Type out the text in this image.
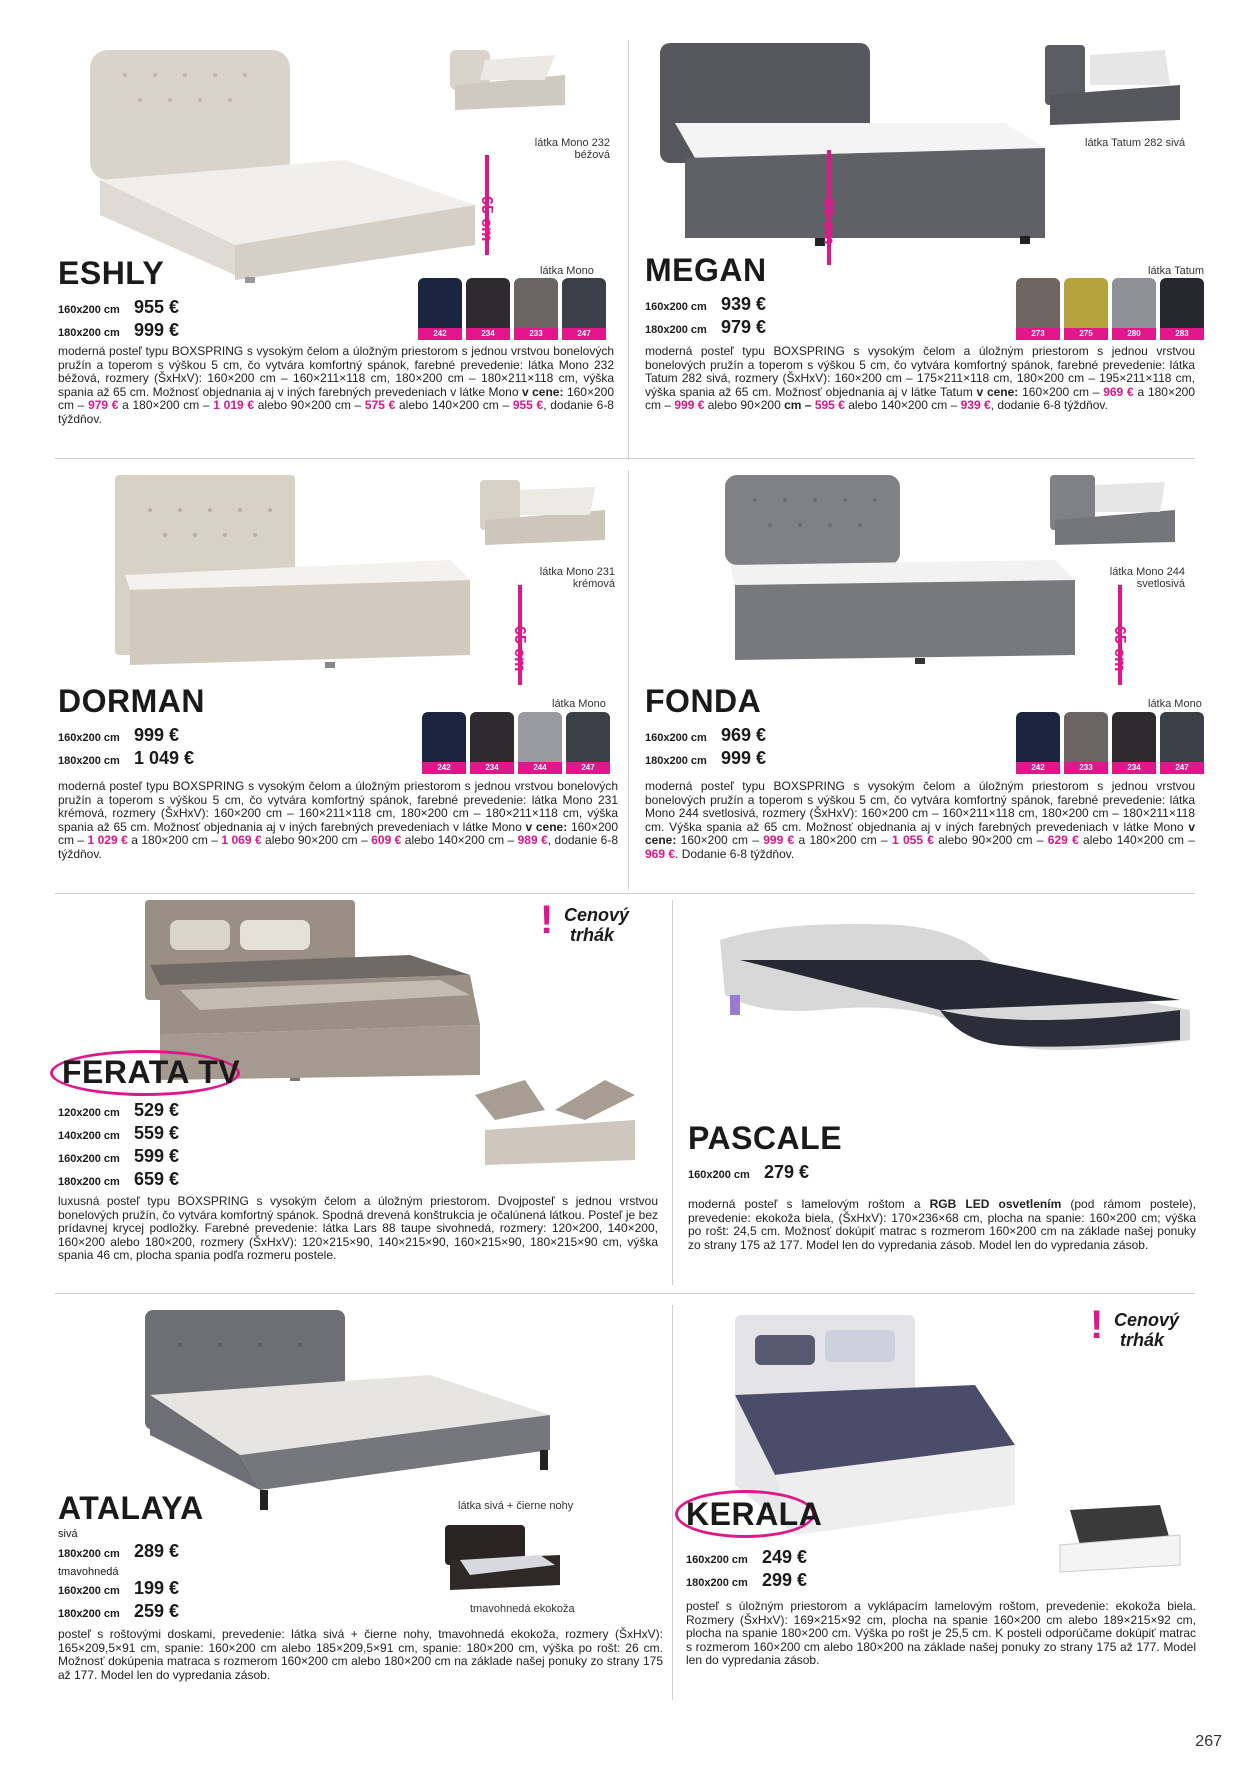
látka Mono 232
béžová
65 cm
ESHLY
160x200 cm 955 €
180x200 cm 999 €
látka Mono
242	234	233	247
moderná posteľ typu BOXSPRING s vysokým čelom a úložným priestorom s jednou vrstvou bonelových pružín a toperom s výškou 5 cm, čo vytvára komfortný spánok, farebné prevedenie: látka Mono 232 béžová, rozmery (ŠxHxV): 160×200 cm – 160×211×118 cm, 180×200 cm – 180×211×118 cm, výška spania až 65 cm. Možnosť objednania aj v iných farebných prevedeniach v látke Mono v cene: 160×200 cm – 979 € a 180×200 cm – 1 019 € alebo 90×200 cm – 575 € alebo 140×200 cm – 955 €, dodanie 6-8 týždňov.
látka Tatum 282 sivá
65 cm
MEGAN
160x200 cm 939 €
180x200 cm 979 €
látka Tatum
273	275	280	283
moderná posteľ typu BOXSPRING s vysokým čelom a úložným priestorom s jednou vrstvou bonelových pružín a toperom s výškou 5 cm, čo vytvára komfortný spánok, farebné prevedenie: látka Tatum 282 sivá, rozmery (ŠxHxV): 160×200 cm – 175×211×118 cm, 180×200 cm – 195×211×118 cm, výška spania až 65 cm. Možnosť objednania aj v látke Tatum v cene: 160×200 cm – 969 € a 180×200 cm – 999 € alebo 90×200 cm – 595 € alebo 140×200 cm – 939 €, dodanie 6-8 týždňov.
látka Mono 231
krémová
65 cm
DORMAN
160x200 cm 999 €
180x200 cm 1 049 €
látka Mono
242	234	244	247
moderná posteľ typu BOXSPRING s vysokým čelom a úložným priestorom s jednou vrstvou bonelových pružín a toperom s výškou 5 cm, čo vytvára komfortný spánok, farebné prevedenie: látka Mono 231 krémová, rozmery (ŠxHxV): 160×200 cm – 160×211×118 cm, 180×200 cm – 180×211×118 cm, výška spania až 65 cm. Možnosť objednania aj v iných farebných prevedeniach v látke Mono v cene: 160×200 cm – 1 029 € a 180×200 cm – 1 069 € alebo 90×200 cm – 609 € alebo 140×200 cm – 989 €, dodanie 6-8 týždňov.
látka Mono 244
svetlosivá
65 cm
FONDA
160x200 cm 969 €
180x200 cm 999 €
látka Mono
242	233	234	247
moderná posteľ typu BOXSPRING s vysokým čelom a úložným priestorom s jednou vrstvou bonelových pružín a toperom s výškou 5 cm, čo vytvára komfortný spánok, farebné prevedenie: látka Mono 244 svetlosivá, rozmery (ŠxHxV): 160×200 cm – 160×211×118 cm, 180×200 cm – 180×211×118 cm. Výška spania až 65 cm. Možnosť objednania aj v iných farebných prevedeniach v látke Mono v cene: 160×200 cm – 999 € a 180×200 cm – 1 055 € alebo 90×200 cm – 629 € alebo 140×200 cm – 969 €. Dodanie 6-8 týždňov.
! Cenový
trhák
FERATA TV
120x200 cm 529 €
140x200 cm 559 €
160x200 cm 599 €
180x200 cm 659 €
luxusná posteľ typu BOXSPRING s vysokým čelom a úložným priestorom. Dvojposteľ s jednou vrstvou bonelových pružín, čo vytvára komfortný spánok. Spodná drevená konštrukcia je očalúnená látkou. Posteľ je bez prídavnej krycej podložky. Farebné prevedenie: látka Lars 88 taupe sivohnedá, rozmery: 120×200, 140×200, 160×200 alebo 180×200, rozmery (ŠxHxV): 120×215×90, 140×215×90, 160×215×90, 180×215×90 cm, výška spania 46 cm, plocha spania podľa rozmeru postele.
PASCALE
160x200 cm 279 €
moderná posteľ s lamelovým roštom a RGB LED osvetlením (pod rámom postele), prevedenie: ekokoža biela, (ŠxHxV): 170×236×68 cm, plocha na spanie: 160×200 cm; výška po rošt: 24,5 cm. Možnosť dokúpiť matrac s rozmerom 160×200 cm na základe našej ponuky zo strany 175 až 177. Model len do vypredania zásob. Model len do vypredania zásob.
látka sivá + čierne nohy
tmavohnedá ekokoža
ATALAYA
sivá
180x200 cm 289 €
tmavohnedá
160x200 cm 199 €
180x200 cm 259 €
posteľ s roštovými doskami, prevedenie: látka sivá + čierne nohy, tmavohnedá ekokoža, rozmery (ŠxHxV): 165×209,5×91 cm, spanie: 160×200 cm alebo 185×209,5×91 cm, spanie: 180×200 cm, výška po rošt: 26 cm. Možnosť dokúpenia matraca s rozmerom 160×200 cm alebo 180×200 cm na základe našej ponuky zo strany 175 až 177. Model len do vypredania zásob.
! Cenový
trhák
KERALA
160x200 cm 249 €
180x200 cm 299 €
posteľ s úložným priestorom a vyklápacím lamelovým roštom, prevedenie: ekokoža biela. Rozmery (ŠxHxV): 169×215×92 cm, plocha na spanie 160×200 cm alebo 189×215×92 cm, plocha na spanie 180×200 cm. Výška po rošt je 25,5 cm. K posteli odporúčame dokúpiť matrac s rozmerom 160×200 cm alebo 180×200 na základe našej ponuky zo strany 175 až 177. Model len do vypredania zásob.
267
